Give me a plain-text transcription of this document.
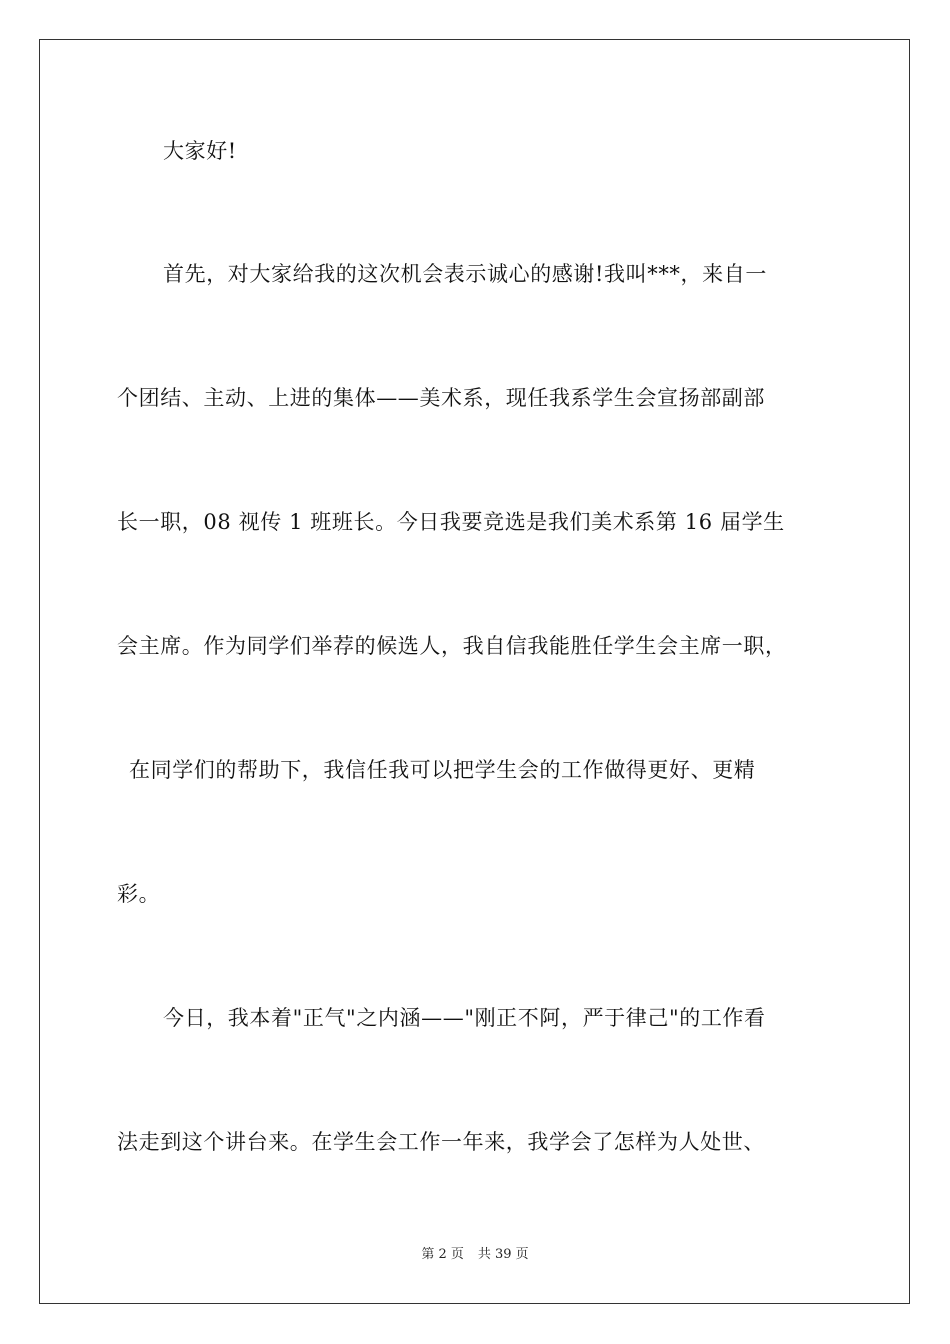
大家好!
首先，对大家给我的这次机会表示诚心的感谢!我叫***，来自一
个团结、主动、上进的集体——美术系，现任我系学生会宣扬部副部
长一职，08 视传 1 班班长。今日我要竞选是我们美术系第 16 届学生
会主席。作为同学们举荐的候选人，我自信我能胜任学生会主席一职，
在同学们的帮助下，我信任我可以把学生会的工作做得更好、更精
彩。
今日，我本着"正气"之内涵——"刚正不阿，严于律己"的工作看
法走到这个讲台来。在学生会工作一年来，我学会了怎样为人处世、
第 2 页 共 39 页
